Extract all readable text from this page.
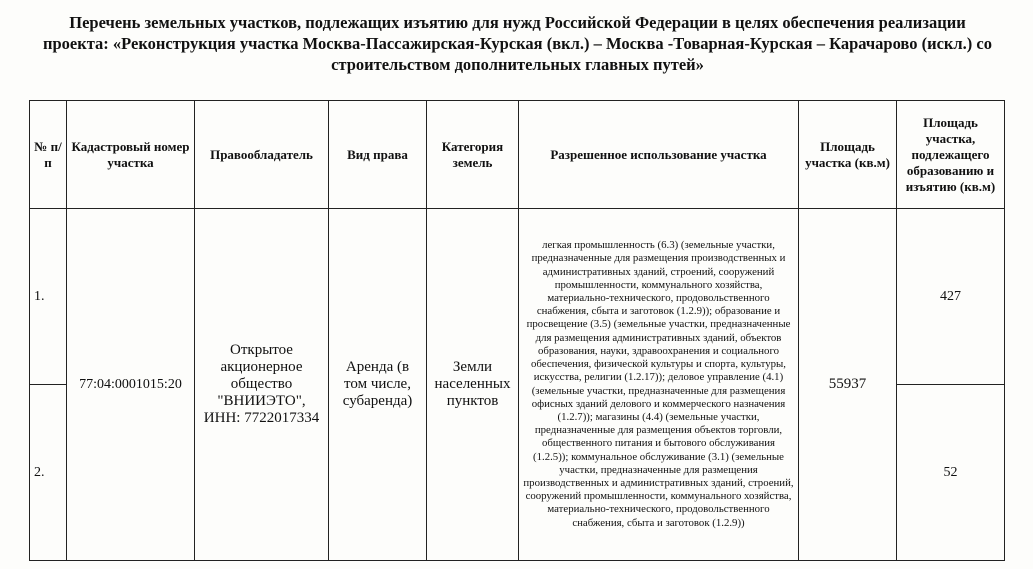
Перечень земельных участков, подлежащих изъятию для нужд Российской Федерации в целях обеспечения реализации проекта: «Реконструкция участка Москва-Пассажирская-Курская (вкл.) – Москва -Товарная-Курская – Карачарово (искл.) со строительством дополнительных главных путей»
№ п/п	Кадастровый номер участка	Правообладатель	Вид права	Категория земель	Разрешенное использование участка	Площадь участка (кв.м)	Площадь участка, подлежащего образованию и изъятию (кв.м)
1.	77:04:0001015:20	Открытое акционерное общество "ВНИИЭТО", ИНН: 7722017334	Аренда (в том числе, субаренда)	Земли населенных пунктов	легкая промышленность (6.3) (земельные участки, предназначенные для размещения производственных и административных зданий, строений, сооружений промышленности, коммунального хозяйства, материально-технического, продовольственного снабжения, сбыта и заготовок (1.2.9)); образование и просвещение (3.5) (земельные участки, предназначенные для размещения административных зданий, объектов образования, науки, здравоохранения и социального обеспечения, физической культуры и спорта, культуры, искусства, религии (1.2.17)); деловое управление (4.1) (земельные участки, предназначенные для размещения офисных зданий делового и коммерческого назначения (1.2.7)); магазины (4.4) (земельные участки, предназначенные для размещения объектов торговли, общественного питания и бытового обслуживания (1.2.5)); коммунальное обслуживание (3.1) (земельные участки, предназначенные для размещения производственных и административных зданий, строений, сооружений промышленности, коммунального хозяйства, материально-технического, продовольственного снабжения, сбыта и заготовок (1.2.9))	55937	427
2.							52
